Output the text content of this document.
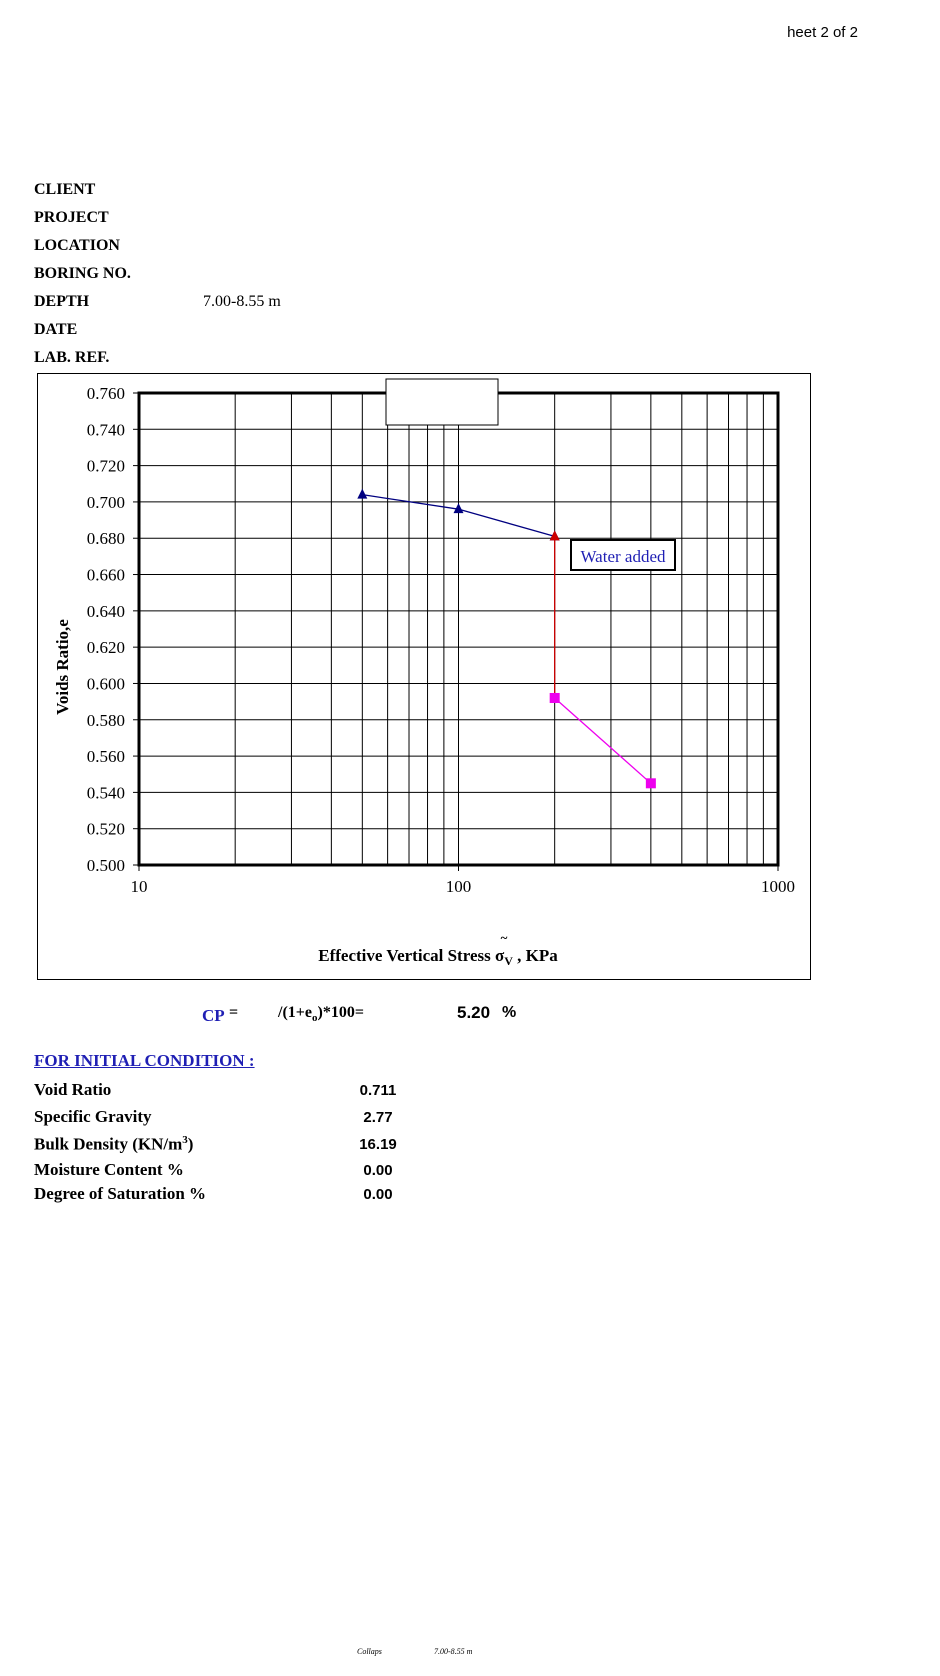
heet 2 of 2
CLIENT
PROJECT
LOCATION
BORING NO.
DEPTH	7.00-8.55 m
DATE
LAB. REF.
0.500
0.520
0.540
0.560
0.580
0.600
0.620
0.640
0.660
0.680
0.700
0.720
0.740
0.760
10	100	1000
Water added
Voids Ratio,e
Effective Vertical Stress $\sigma_V$ , KPa
~
CP = $/(1+e_o)*100=$	5.20 %
FOR INITIAL CONDITION :
Void Ratio	0.711
Specific Gravity	2.77
Bulk Density $(KN/m^3)$	16.19
Moisture Content %	0.00
Degree of Saturation %	0.00
Collaps	7.00-8.55 m
